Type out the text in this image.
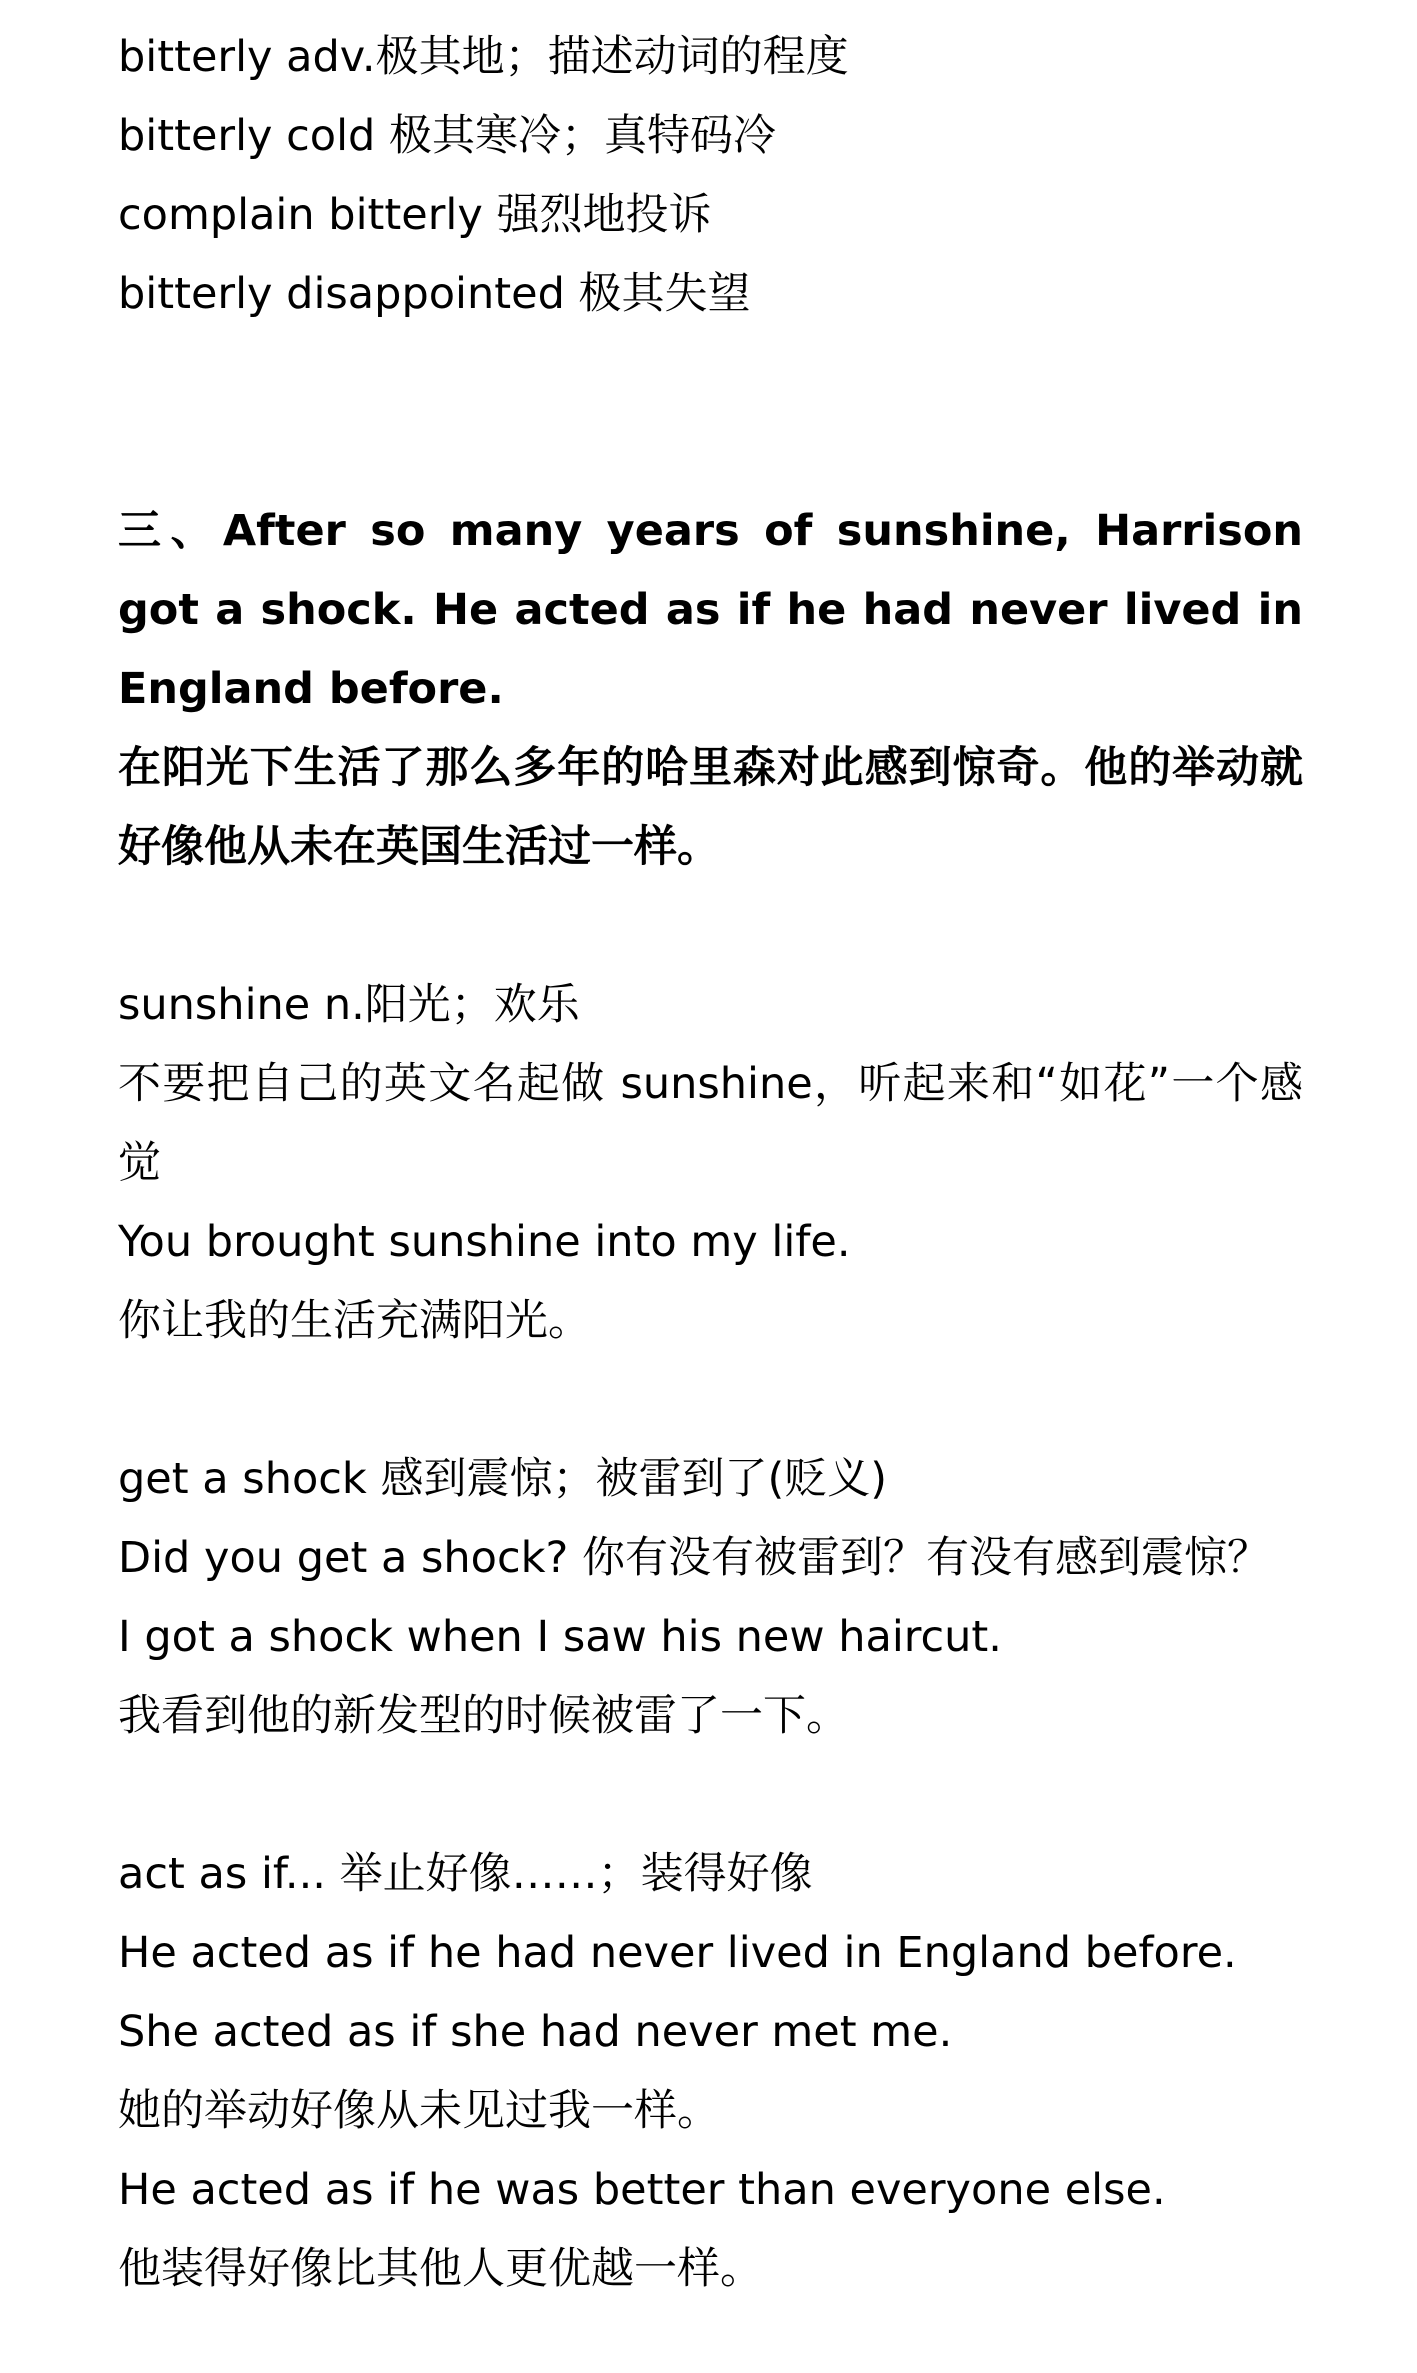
bitterly adv.极其地；描述动词的程度
bitterly cold 极其寒冷；真特码冷
complain bitterly 强烈地投诉
bitterly disappointed 极其失望
三、After so many years of sunshine, Harrison got a shock. He acted as if he had never lived in England before.
在阳光下生活了那么多年的哈里森对此感到惊奇。他的举动就好像他从未在英国生活过一样。
sunshine n.阳光；欢乐
不要把自己的英文名起做 sunshine，听起来和“如花”一个感觉
You brought sunshine into my life.
你让我的生活充满阳光。
get a shock 感到震惊；被雷到了(贬义)
Did you get a shock? 你有没有被雷到？有没有感到震惊？
I got a shock when I saw his new haircut.
我看到他的新发型的时候被雷了一下。
act as if... 举止好像……；装得好像
He acted as if he had never lived in England before.
She acted as if she had never met me.
她的举动好像从未见过我一样。
He acted as if he was better than everyone else.
他装得好像比其他人更优越一样。
